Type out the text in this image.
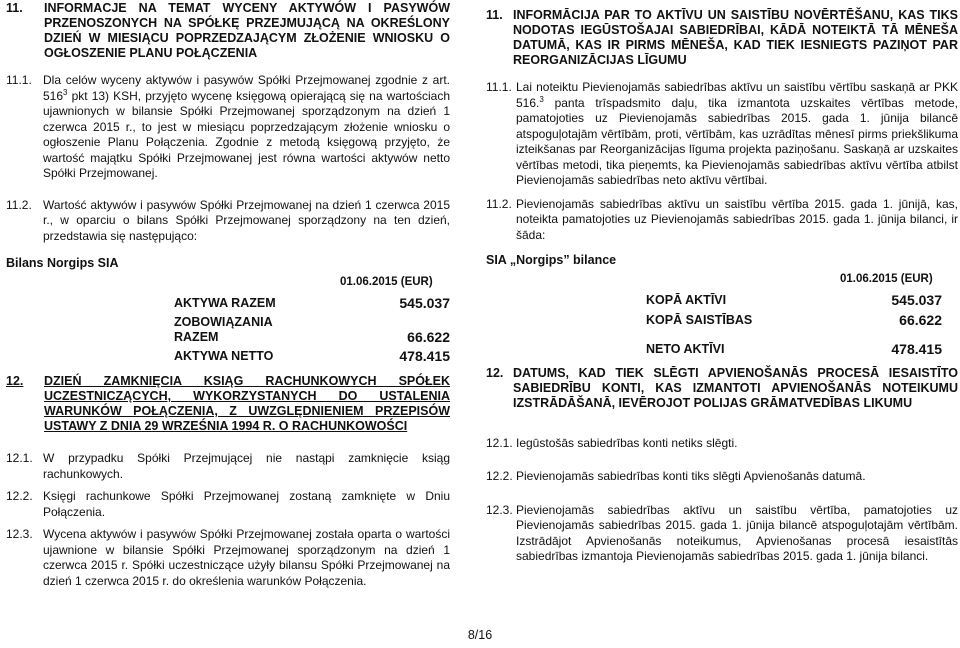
11.	INFORMACJE NA TEMAT WYCENY AKTYWÓW I PASYWÓW PRZENOSZONYCH NA SPÓŁKĘ PRZEJMUJĄCĄ NA OKREŚLONY DZIEŃ W MIESIĄCU POPRZEDZAJĄCYM ZŁOŻENIE WNIOSKU O OGŁOSZENIE PLANU POŁĄCZENIA
11.1. Dla celów wyceny aktywów i pasywów Spółki Przejmowanej zgodnie z art. $516^3$ pkt 13) KSH, przyjęto wycenę księgową opierającą się na wartościach ujawnionych w bilansie Spółki Przejmowanej sporządzonym na dzień 1 czerwca 2015 r., to jest w miesiącu poprzedzającym złożenie wniosku o ogłoszenie Planu Połączenia. Zgodnie z metodą księgową przyjęto, że wartość majątku Spółki Przejmowanej jest równa wartości aktywów netto Spółki Przejmowanej.
11.2. Wartość aktywów i pasywów Spółki Przejmowanej na dzień 1 czerwca 2015 r., w oparciu o bilans Spółki Przejmowanej sporządzony na ten dzień, przedstawia się następująco:
Bilans Norgips SIA
01.06.2015 (EUR)
AKTYWA RAZEM	545.037
ZOBOWIĄZANIA RAZEM	66.622
AKTYWA NETTO	478.415
12.	DZIEŃ ZAMKNIĘCIA KSIĄG RACHUNKOWYCH SPÓŁEK UCZESTNICZĄCYCH, WYKORZYSTANYCH DO USTALENIA WARUNKÓW POŁĄCZENIA, Z UWZGLĘDNIENIEM PRZEPISÓW USTAWY Z DNIA 29 WRZEŚNIA 1994 R. O RACHUNKOWOŚCI
12.1. W przypadku Spółki Przejmującej nie nastąpi zamknięcie ksiąg rachunkowych.
12.2. Księgi rachunkowe Spółki Przejmowanej zostaną zamknięte w Dniu Połączenia.
12.3. Wycena aktywów i pasywów Spółki Przejmowanej została oparta o wartości ujawnione w bilansie Spółki Przejmowanej sporządzonym na dzień 1 czerwca 2015 r. Spółki uczestniczące użyły bilansu Spółki Przejmowanej na dzień 1 czerwca 2015 r. do określenia warunków Połączenia.
11. INFORMĀCIJA PAR TO AKTĪVU UN SAISTĪBU NOVĒRTĒŠANU, KAS TIKS NODOTAS IEGŪSTOŠAJAI SABIEDRĪBAI, KĀDĀ NOTEIKTĀ TĀ MĒNEŠA DATUMĀ, KAS IR PIRMS MĒNEŠA, KAD TIEK IESNIEGTS PAZIŅOT PAR REORGANIZĀCIJAS LĪGUMU
11.1. Lai noteiktu Pievienojamās sabiedrības aktīvu un saistību vērtību saskaņā ar PKK 516.$^3$ panta trīspadsmito daļu, tika izmantota uzskaites vērtības metode, pamatojoties uz Pievienojamās sabiedrības 2015. gada 1. jūnija bilancē atspoguļotajām vērtībām, proti, vērtībām, kas uzrādītas mēnesī pirms priekšlikuma izteikšanas par Reorganizācijas līguma projekta paziņošanu. Saskaņā ar uzskaites vērtības metodi, tika pieņemts, ka Pievienojamās sabiedrības aktīvu vērtība atbilst Pievienojamās sabiedrības neto aktīvu vērtībai.
11.2. Pievienojamās sabiedrības aktīvu un saistību vērtība 2015. gada 1. jūnijā, kas, noteikta pamatojoties uz Pievienojamās sabiedrības 2015. gada 1. jūnija bilanci, ir šāda:
SIA „Norgips” bilance
01.06.2015 (EUR)
KOPĀ AKTĪVI	545.037
KOPĀ SAISTĪBAS	66.622
NETO AKTĪVI	478.415
12. DATUMS, KAD TIEK SLĒGTI APVIENOŠANĀS PROCESĀ IESAISTĪTO SABIEDRĪBU KONTI, KAS IZMANTOTI APVIENOŠANĀS NOTEIKUMU IZSTRĀDĀŠANĀ, IEVĒROJOT POLIJAS GRĀMATVEDĪBAS LIKUMU
12.1. Iegūstošās sabiedrības konti netiks slēgti.
12.2. Pievienojamās sabiedrības konti tiks slēgti Apvienošanās datumā.
12.3. Pievienojamās sabiedrības aktīvu un saistību vērtība, pamatojoties uz Pievienojamās sabiedrības 2015. gada 1. jūnija bilancē atspoguļotajām vērtībām. Izstrādājot Apvienošanās noteikumus, Apvienošanas procesā iesaistītās sabiedrības izmantoja Pievienojamās sabiedrības 2015. gada 1. jūnija bilanci.
8/16
